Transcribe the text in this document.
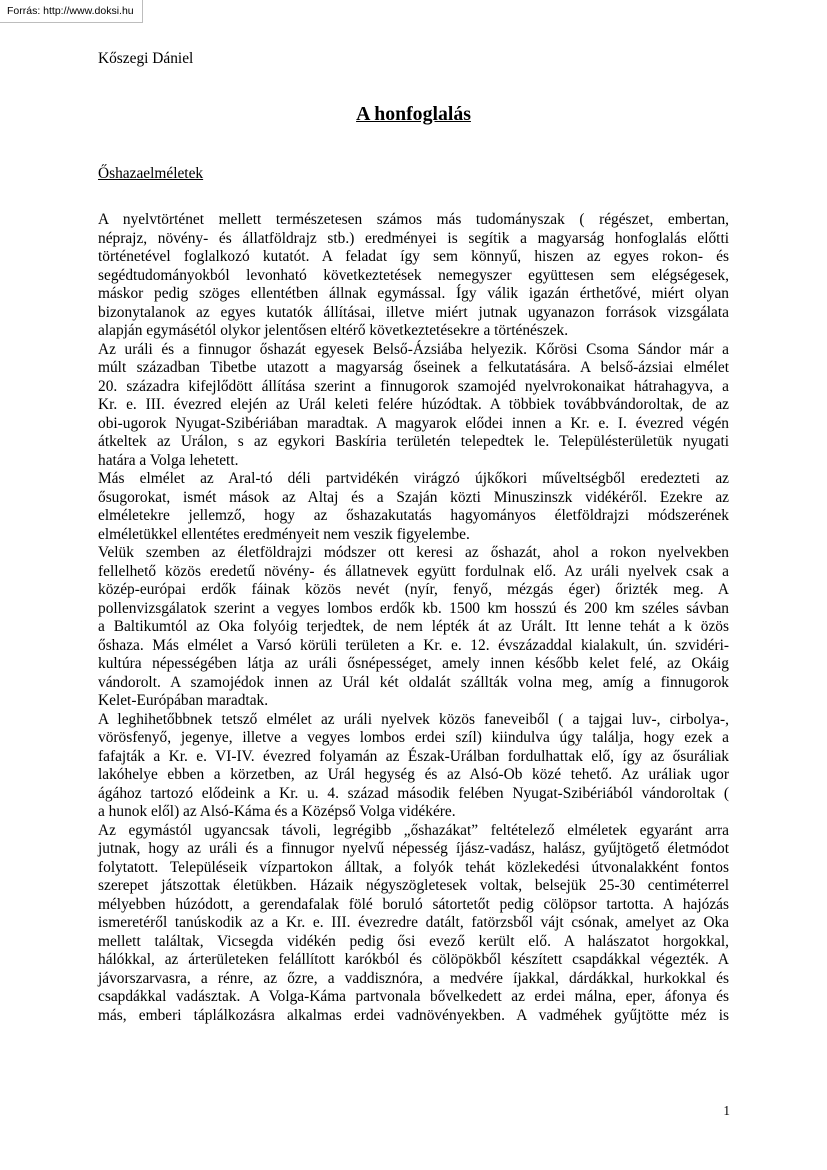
Forrás: http://www.doksi.hu
Kőszegi Dániel
A honfoglalás
Őshazaelméletek
A nyelvtörténet mellett természetesen számos más tudományszak ( régészet, embertan,
néprajz, növény- és állatföldrajz stb.) eredményei is segítik a magyarság honfoglalás előtti
történetével foglalkozó kutatót. A feladat így sem könnyű, hiszen az egyes rokon- és
segédtudományokból levonható következtetések nemegyszer együttesen sem elégségesek,
máskor pedig szöges ellentétben állnak egymással. Így válik igazán érthetővé, miért olyan
bizonytalanok az egyes kutatók állításai, illetve miért jutnak ugyanazon források vizsgálata
alapján egymásétól olykor jelentősen eltérő következtetésekre a történészek.
Az uráli és a finnugor őshazát egyesek Belső-Ázsiába helyezik. Kőrösi Csoma Sándor már a
múlt században Tibetbe utazott a magyarság őseinek a felkutatására. A belső-ázsiai elmélet
20. századra kifejlődött állítása szerint a finnugorok szamojéd nyelvrokonaikat hátrahagyva, a
Kr. e. III. évezred elején az Urál keleti felére húzódtak. A többiek továbbvándoroltak, de az
obi-ugorok Nyugat-Szibériában maradtak. A magyarok elődei innen a Kr. e. I. évezred végén
átkeltek az Urálon, s az egykori Baskíria területén telepedtek le. Településterületük nyugati
határa a Volga lehetett.
Más elmélet az Aral-tó déli partvidékén virágzó újkőkori műveltségből eredezteti az
ősugorokat, ismét mások az Altaj és a Szaján közti Minuszinszk vidékéről. Ezekre az
elméletekre jellemző, hogy az őshazakutatás hagyományos életföldrajzi módszerének
elméletükkel ellentétes eredményeit nem veszik figyelembe.
Velük szemben az életföldrajzi módszer ott keresi az őshazát, ahol a rokon nyelvekben
fellelhető közös eredetű növény- és állatnevek együtt fordulnak elő. Az uráli nyelvek csak a
közép-európai erdők fáinak közös nevét (nyír, fenyő, mézgás éger) őrizték meg. A
pollenvizsgálatok szerint a vegyes lombos erdők kb. 1500 km hosszú és 200 km széles sávban
a Baltikumtól az Oka folyóig terjedtek, de nem lépték át az Urált. Itt lenne tehát a k özös
őshaza. Más elmélet a Varsó körüli területen a Kr. e. 12. évszázaddal kialakult, ún. szvidéri-
kultúra népességében látja az uráli ősnépességet, amely innen később kelet felé, az Okáig
vándorolt. A szamojédok innen az Urál két oldalát szállták volna meg, amíg a finnugorok
Kelet-Európában maradtak.
A leghihetőbbnek tetsző elmélet az uráli nyelvek közös faneveiből ( a tajgai luv-, cirbolya-,
vörösfenyő, jegenye, illetve a vegyes lombos erdei szíl) kiindulva úgy találja, hogy ezek a
fafajták a Kr. e. VI-IV. évezred folyamán az Észak-Urálban fordulhattak elő, így az ősuráliak
lakóhelye ebben a körzetben, az Urál hegység és az Alsó-Ob közé tehető. Az uráliak ugor
ágához tartozó elődeink a Kr. u. 4. század második felében Nyugat-Szibériából vándoroltak (
a hunok elől) az Alsó-Káma és a Középső Volga vidékére.
Az egymástól ugyancsak távoli, legrégibb „őshazákat” feltételező elméletek egyaránt arra
jutnak, hogy az uráli és a finnugor nyelvű népesség íjász-vadász, halász, gyűjtögető életmódot
folytatott. Településeik vízpartokon álltak, a folyók tehát közlekedési útvonalakként fontos
szerepet játszottak életükben. Házaik négyszögletesek voltak, belsejük 25-30 centiméterrel
mélyebben húzódott, a gerendafalak fölé boruló sátortetőt pedig cölöpsor tartotta. A hajózás
ismeretéről tanúskodik az a Kr. e. III. évezredre datált, fatörzsből vájt csónak, amelyet az Oka
mellett találtak, Vicsegda vidékén pedig ősi evező került elő. A halászatot horgokkal,
hálókkal, az árterületeken felállított karókból és cölöpökből készített csapdákkal végezték. A
jávorszarvasra, a rénre, az őzre, a vaddisznóra, a medvére íjakkal, dárdákkal, hurkokkal és
csapdákkal vadásztak. A Volga-Káma partvonala bővelkedett az erdei málna, eper, áfonya és
más, emberi táplálkozásra alkalmas erdei vadnövényekben. A vadméhek gyűjtötte méz is
1
